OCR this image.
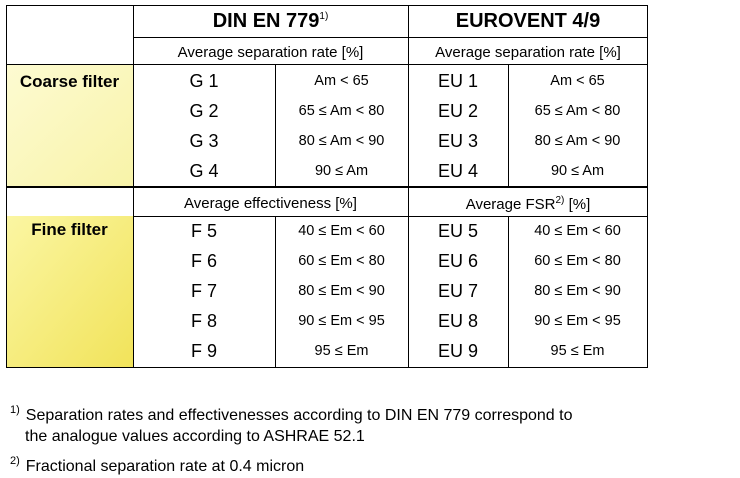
Coarse filter
Fine filter
DIN EN 779$^{1)}$	EUROVENT 4/9
Average separation rate [%]	Average separation rate [%]
G 1	Am < 65	EU 1	Am < 65
G 2	65 ≤ Am < 80	EU 2	65 ≤ Am < 80
G 3	80 ≤ Am < 90	EU 3	80 ≤ Am < 90
G 4	90 ≤ Am	EU 4	90 ≤ Am
Average effectiveness [%]	Average FSR$^{2)}$ [%]
F 5	40 ≤ Em < 60	EU 5	40 ≤ Em < 60
F 6	60 ≤ Em < 80	EU 6	60 ≤ Em < 80
F 7	80 ≤ Em < 90	EU 7	80 ≤ Em < 90
F 8	90 ≤ Em < 95	EU 8	90 ≤ Em < 95
F 9	95 ≤ Em	EU 9	95 ≤ Em
$^{1)}$ Separation rates and effectivenesses according to DIN EN 779 correspond to
the analogue values according to ASHRAE 52.1
$^{2)}$ Fractional separation rate at 0.4 micron
